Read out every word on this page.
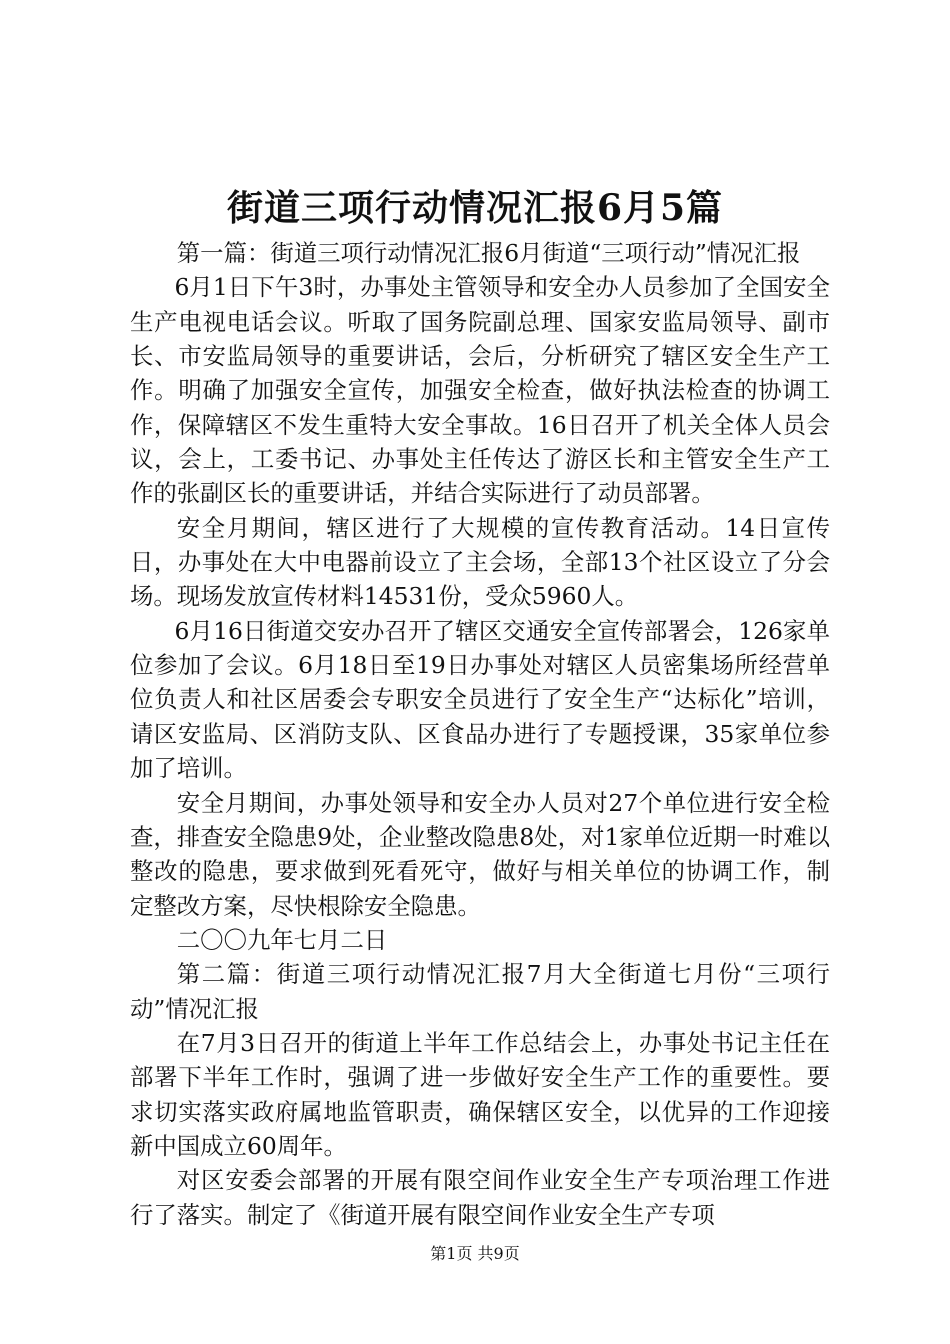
街道三项行动情况汇报6月5篇

第一篇：街道三项行动情况汇报6月街道“三项行动”情况汇报

6月1日下午3时，办事处主管领导和安全办人员参加了全国安全生产电视电话会议。听取了国务院副总理、国家安监局领导、副市长、市安监局领导的重要讲话，会后，分析研究了辖区安全生产工作。明确了加强安全宣传，加强安全检查，做好执法检查的协调工作，保障辖区不发生重特大安全事故。16日召开了机关全体人员会议，会上，工委书记、办事处主任传达了游区长和主管安全生产工作的张副区长的重要讲话，并结合实际进行了动员部署。

安全月期间，辖区进行了大规模的宣传教育活动。14日宣传日，办事处在大中电器前设立了主会场，全部13个社区设立了分会场。现场发放宣传材料14531份，受众5960人。

6月16日街道交安办召开了辖区交通安全宣传部署会，126家单位参加了会议。6月18日至19日办事处对辖区人员密集场所经营单位负责人和社区居委会专职安全员进行了安全生产“达标化”培训，请区安监局、区消防支队、区食品办进行了专题授课，35家单位参加了培训。

安全月期间，办事处领导和安全办人员对27个单位进行安全检查，排查安全隐患9处，企业整改隐患8处，对1家单位近期一时难以整改的隐患，要求做到死看死守，做好与相关单位的协调工作，制定整改方案，尽快根除安全隐患。

二〇〇九年七月二日

第二篇：街道三项行动情况汇报7月大全街道七月份“三项行动”情况汇报

在7月3日召开的街道上半年工作总结会上，办事处书记主任在部署下半年工作时，强调了进一步做好安全生产工作的重要性。要求切实落实政府属地监管职责，确保辖区安全，以优异的工作迎接新中国成立60周年。

对区安委会部署的开展有限空间作业安全生产专项治理工作进行了落实。制定了《街道开展有限空间作业安全生产专项

第1页 共9页
